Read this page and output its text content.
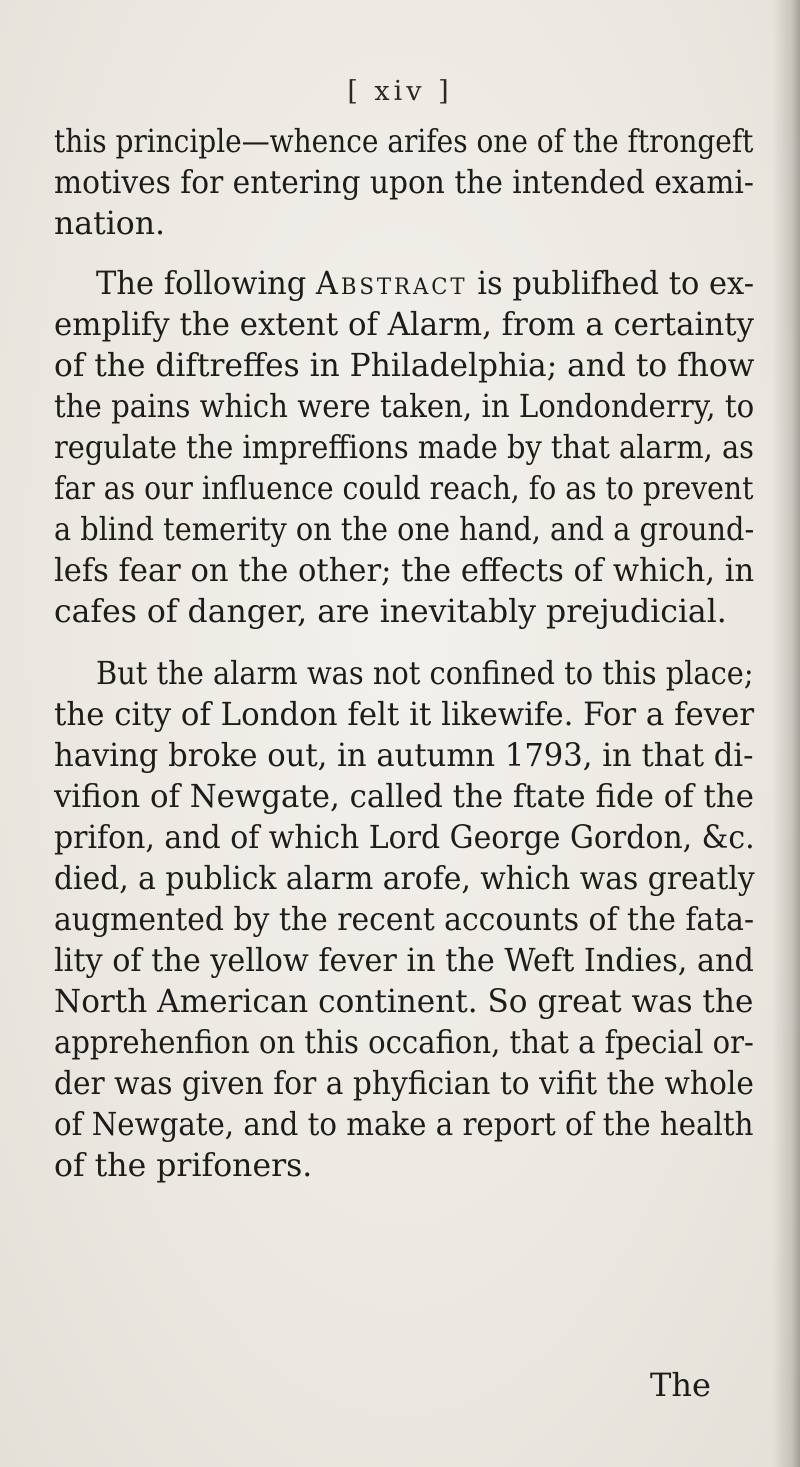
[ xiv ]
this principle—whence arifes one of the ftrongeft
motives for entering upon the intended exami-
nation.
The following Abstract is publifhed to ex-
emplify the extent of Alarm, from a certainty
of the diftreffes in Philadelphia; and to fhow
the pains which were taken, in Londonderry, to
regulate the impreffions made by that alarm, as
far as our influence could reach, fo as to prevent
a blind temerity on the one hand, and a ground-
lefs fear on the other; the effects of which, in
cafes of danger, are inevitably prejudicial.
But the alarm was not confined to this place;
the city of London felt it likewife. For a fever
having broke out, in autumn 1793, in that di-
vifion of Newgate, called the ftate fide of the
prifon, and of which Lord George Gordon, &c.
died, a publick alarm arofe, which was greatly
augmented by the recent accounts of the fata-
lity of the yellow fever in the Weft Indies, and
North American continent. So great was the
apprehenfion on this occafion, that a fpecial or-
der was given for a phyfician to vifit the whole
of Newgate, and to make a report of the health
of the prifoners.
The
